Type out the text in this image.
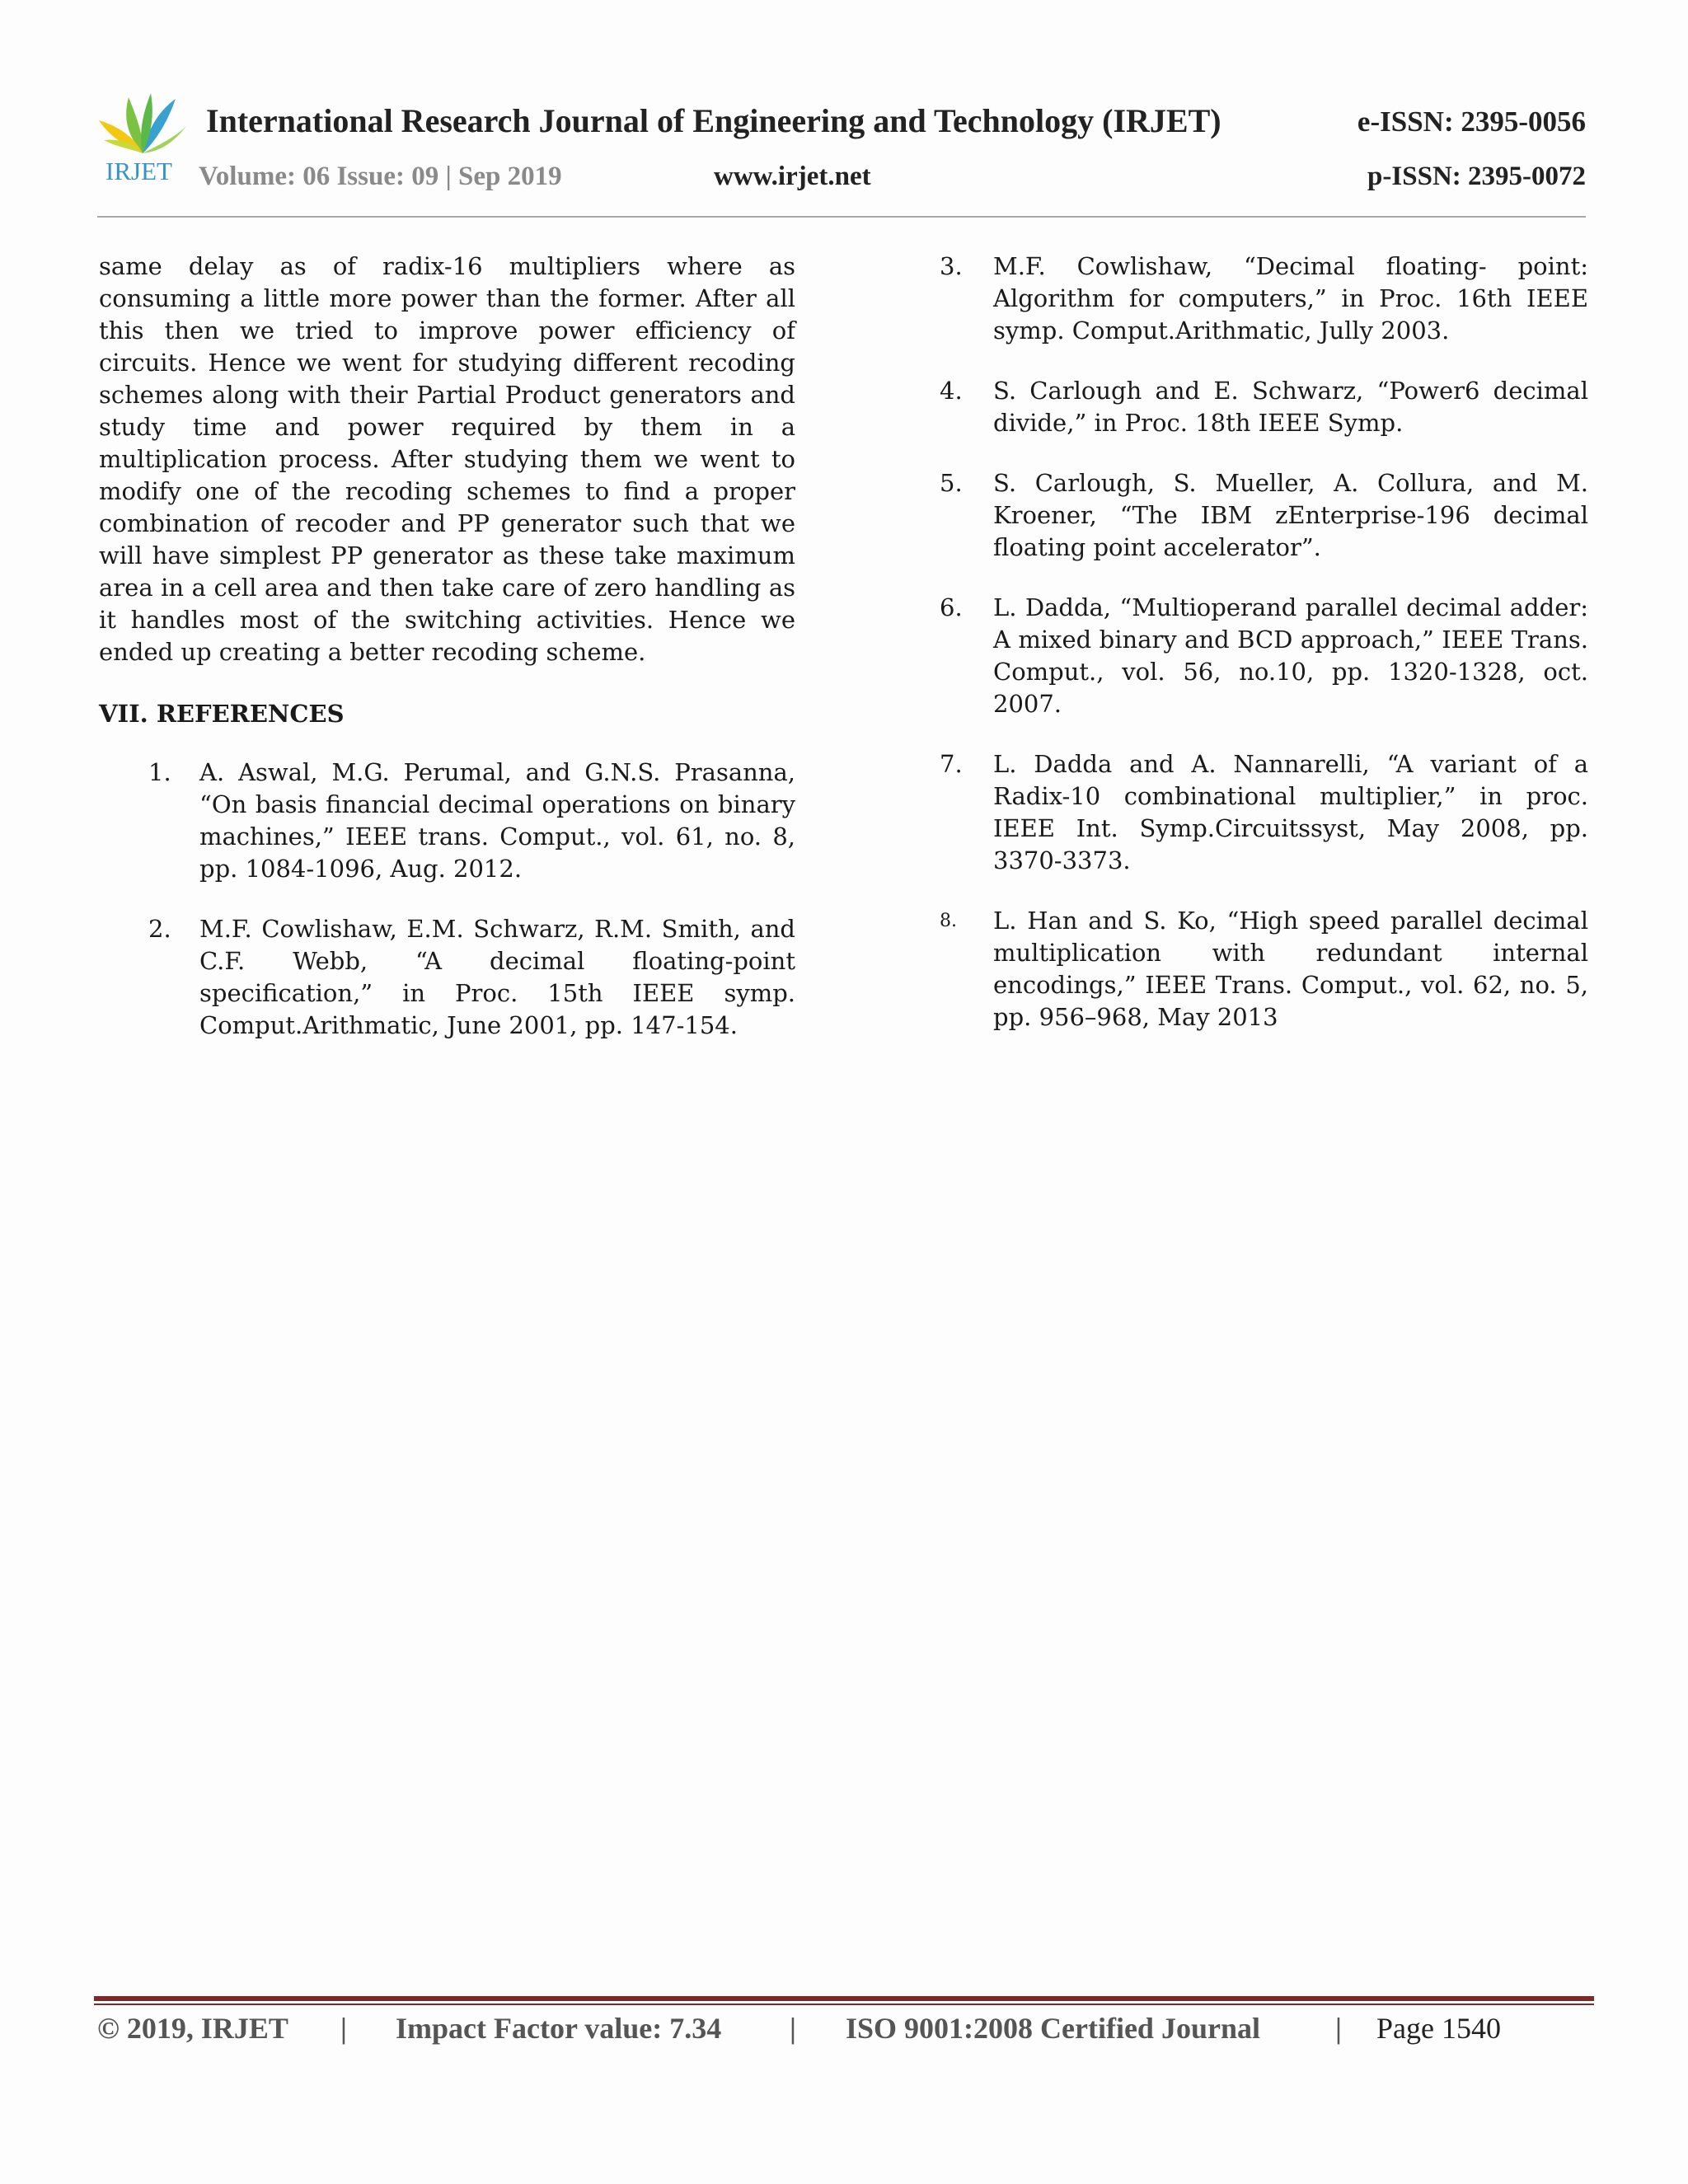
IRJET
International Research Journal of Engineering and Technology (IRJET)	e-ISSN: 2395-0056
Volume: 06 Issue: 09 | Sep 2019	www.irjet.net	p-ISSN: 2395-0072

same delay as of radix-16 multipliers where as consuming a little more power than the former. After all this then we tried to improve power efficiency of circuits. Hence we went for studying different recoding schemes along with their Partial Product generators and study time and power required by them in a multiplication process. After studying them we went to modify one of the recoding schemes to find a proper combination of recoder and PP generator such that we will have simplest PP generator as these take maximum area in a cell area and then take care of zero handling as it handles most of the switching activities. Hence we ended up creating a better recoding scheme.

VII. REFERENCES
1.	A. Aswal, M.G. Perumal, and G.N.S. Prasanna, “On basis financial decimal operations on binary machines,” IEEE trans. Comput., vol. 61, no. 8, pp. 1084-1096, Aug. 2012.
2.	M.F. Cowlishaw, E.M. Schwarz, R.M. Smith, and C.F. Webb, “A decimal floating-point specification,” in Proc. 15th IEEE symp. Comput.Arithmatic, June 2001, pp. 147-154.
3.	M.F. Cowlishaw, “Decimal floating- point: Algorithm for computers,” in Proc. 16th IEEE symp. Comput.Arithmatic, Jully 2003.
4.	S. Carlough and E. Schwarz, “Power6 decimal divide,” in Proc. 18th IEEE Symp.
5.	S. Carlough, S. Mueller, A. Collura, and M. Kroener, “The IBM zEnterprise-196 decimal floating point accelerator”.
6.	L. Dadda, “Multioperand parallel decimal adder: A mixed binary and BCD approach,” IEEE Trans. Comput., vol. 56, no.10, pp. 1320-1328, oct. 2007.
7.	L. Dadda and A. Nannarelli, “A variant of a Radix-10 combinational multiplier,” in proc. IEEE Int. Symp.Circuitssyst, May 2008, pp. 3370-3373.
8.	L. Han and S. Ko, “High speed parallel decimal multiplication with redundant internal encodings,” IEEE Trans. Comput., vol. 62, no. 5, pp. 956–968, May 2013
© 2019, IRJET | Impact Factor value: 7.34 | ISO 9001:2008 Certified Journal	| Page 1540
